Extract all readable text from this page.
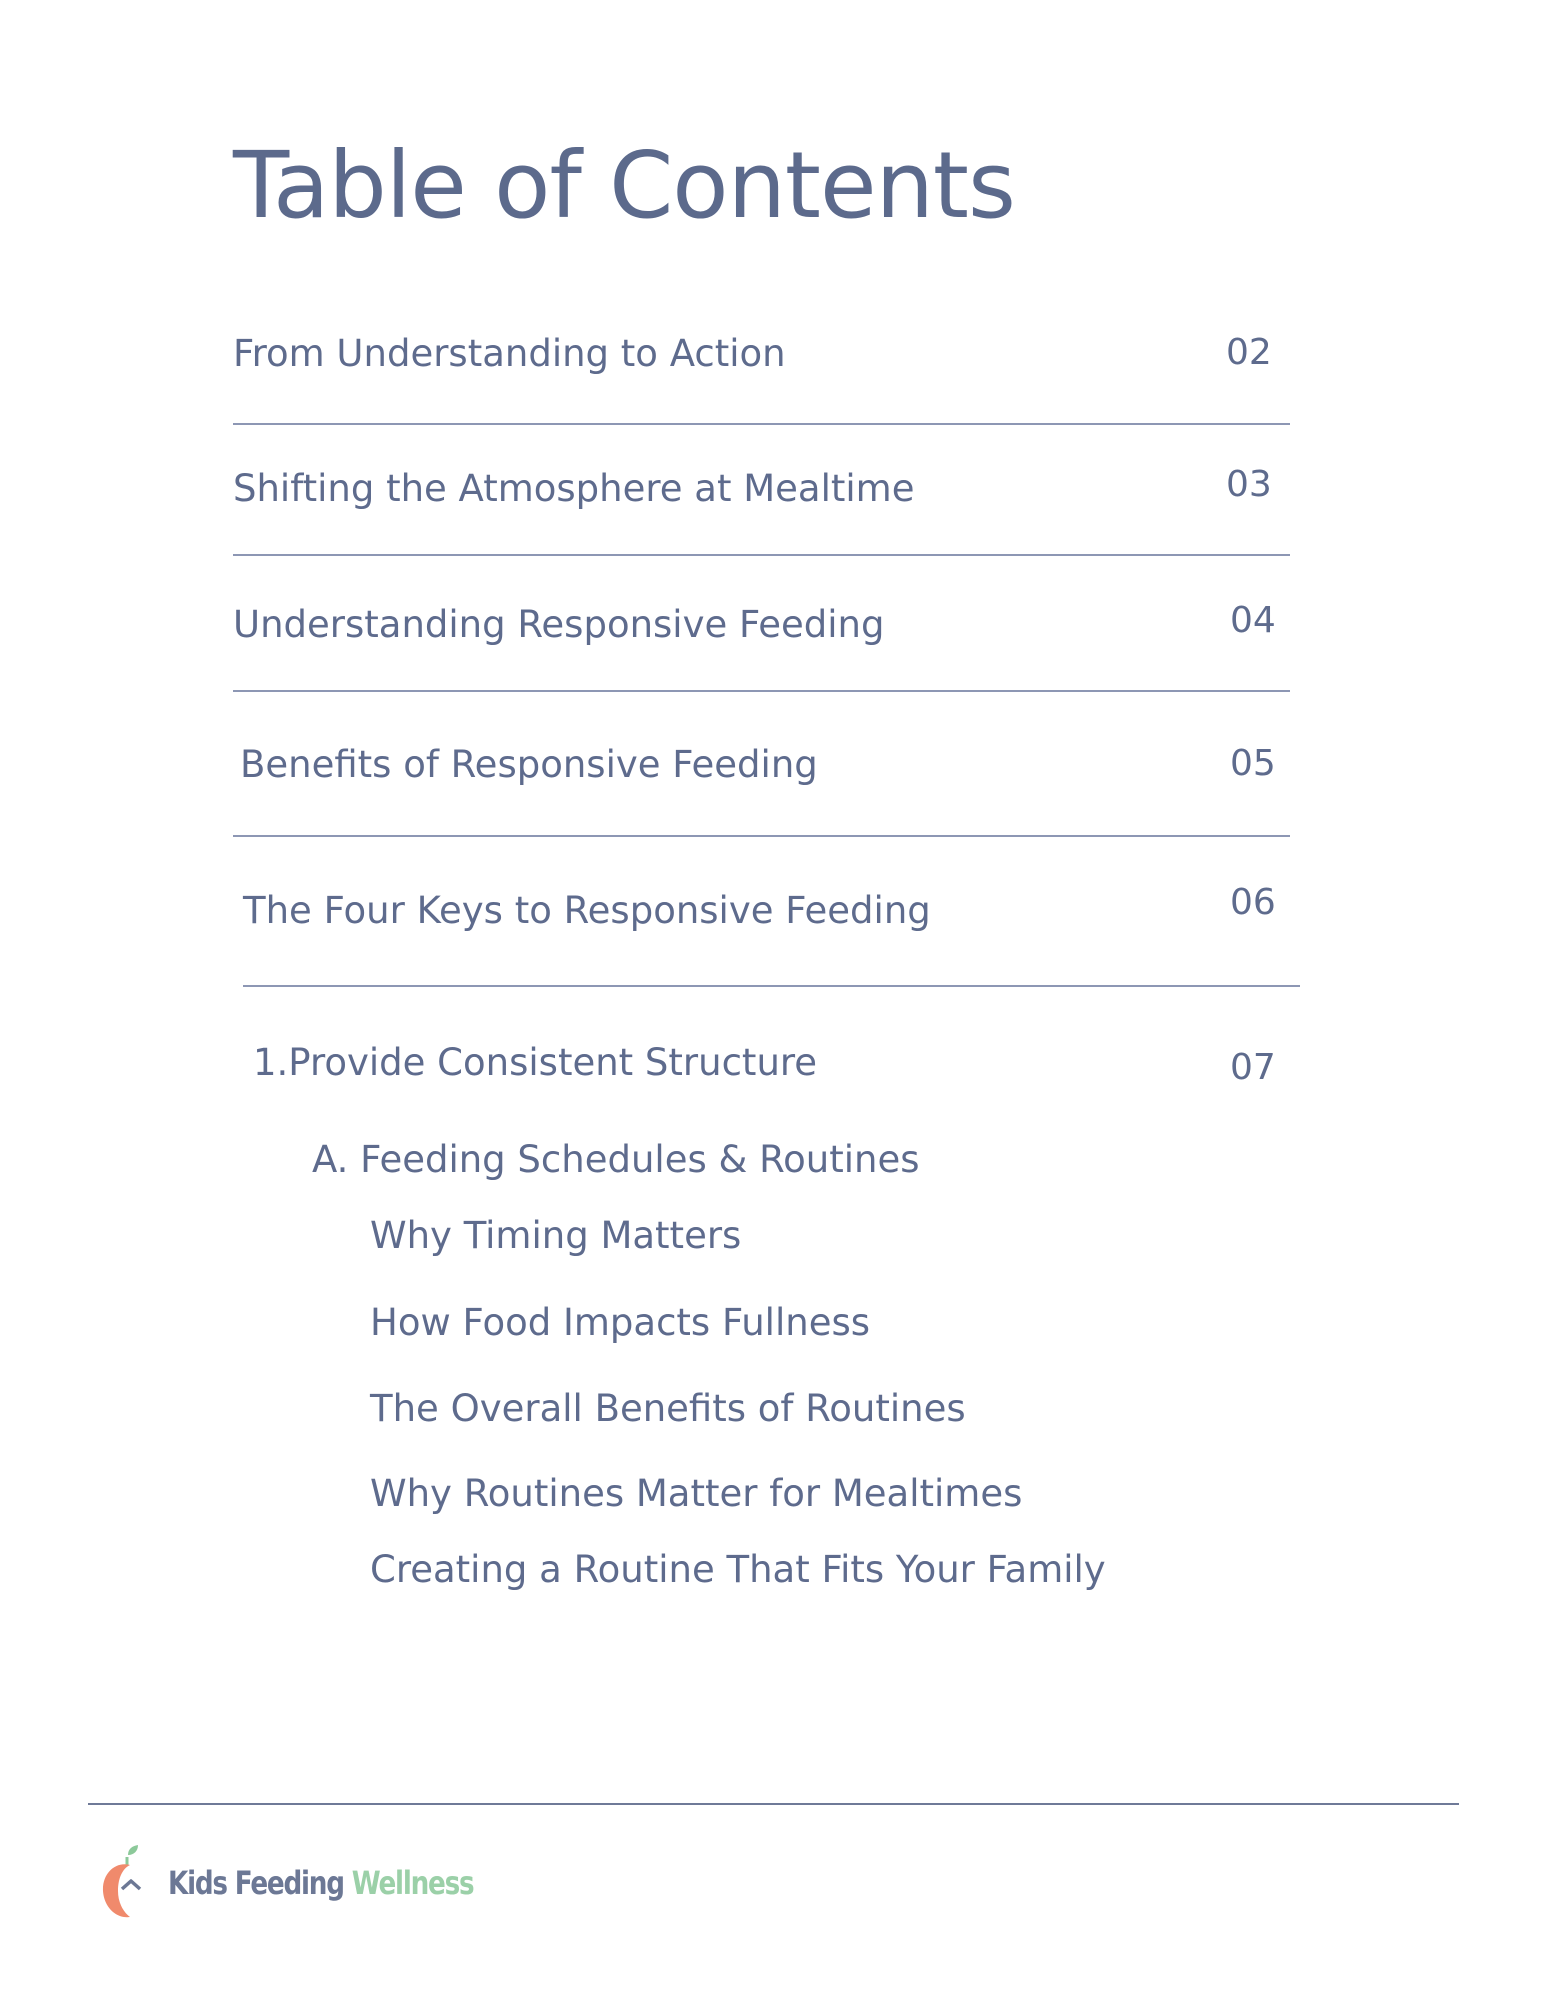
Table of Contents
From Understanding to Action	02
Shifting the Atmosphere at Mealtime	03
Understanding Responsive Feeding	04
Benefits of Responsive Feeding	05
The Four Keys to Responsive Feeding	06
1.Provide Consistent Structure	07
A. Feeding Schedules & Routines
Why Timing Matters
How Food Impacts Fullness
The Overall Benefits of Routines
Why Routines Matter for Mealtimes
Creating a Routine That Fits Your Family
Kids Feeding Wellness
